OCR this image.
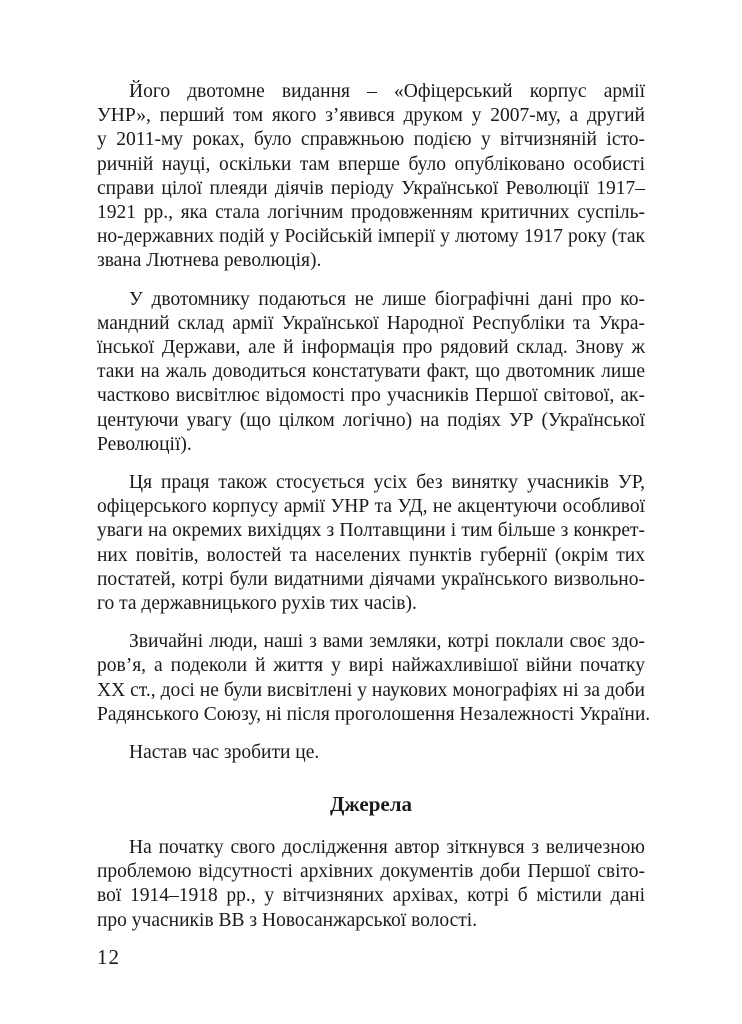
Його двотомне видання – «Офіцерський корпус армії
УНР», перший том якого з’явився друком у 2007-му, а другий
у 2011-му роках, було справжньою подією у вітчизняній істо-
ричній науці, оскільки там вперше було опубліковано особисті
справи цілої плеяди діячів періоду Української Революції 1917–
1921 рр., яка стала логічним продовженням критичних суспіль-
но-державних подій у Російській імперії у лютому 1917 року (так
звана Лютнева революція).

У двотомнику подаються не лише біографічні дані про ко-
мандний склад армії Української Народної Республіки та Укра-
їнської Держави, але й інформація про рядовий склад. Знову ж
таки на жаль доводиться констатувати факт, що двотомник лише
частково висвітлює відомості про учасників Першої світової, ак-
центуючи увагу (що цілком логічно) на подіях УР (Української
Революції).

Ця праця також стосується усіх без винятку учасників УР,
офіцерського корпусу армії УНР та УД, не акцентуючи особливої
уваги на окремих вихідцях з Полтавщини і тим більше з конкрет-
них повітів, волостей та населених пунктів губернії (окрім тих
постатей, котрі були видатними діячами українського визвольно-
го та державницького рухів тих часів).

Звичайні люди, наші з вами земляки, котрі поклали своє здо-
ров’я, а подеколи й життя у вирі найжахливішої війни початку
XX ст., досі не були висвітлені у наукових монографіях ні за доби
Радянського Союзу, ні після проголошення Незалежності України.

Настав час зробити це.

Джерела

На початку свого дослідження автор зіткнувся з величезною
проблемою відсутності архівних документів доби Першої світо-
вої 1914–1918 рр., у вітчизняних архівах, котрі б містили дані
про учасників ВВ з Новосанжарської волості.

12
